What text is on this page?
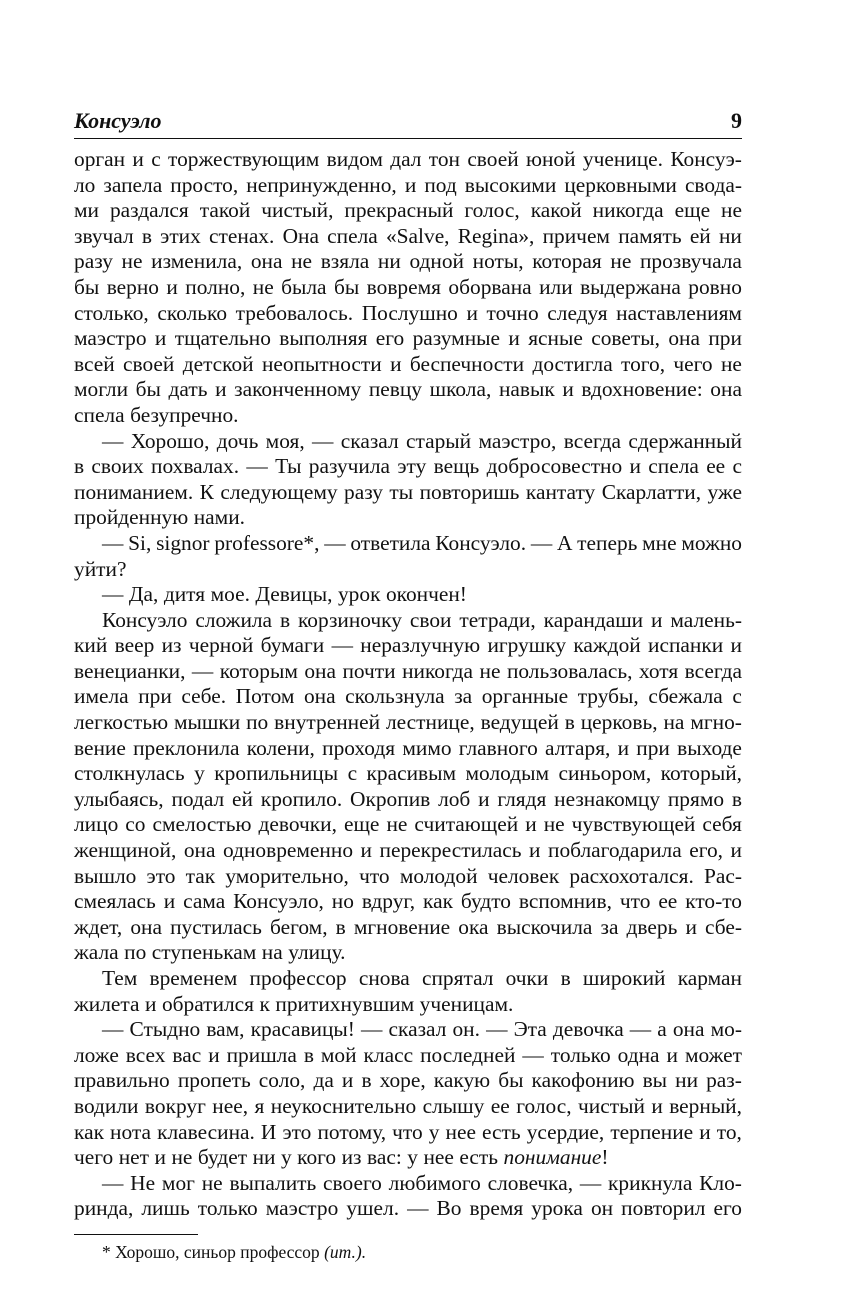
Консуэло	9
орган и с торжествующим видом дал тон своей юной ученице. Консуэ-
ло запела просто, непринужденно, и под высокими церковными свода-
ми раздался такой чистый, прекрасный голос, какой никогда еще не
звучал в этих стенах. Она спела «Salve, Regina», причем память ей ни
разу не изменила, она не взяла ни одной ноты, которая не прозвучала
бы верно и полно, не была бы вовремя оборвана или выдержана ровно
столько, сколько требовалось. Послушно и точно следуя наставлениям
маэстро и тщательно выполняя его разумные и ясные советы, она при
всей своей детской неопытности и беспечности достигла того, чего не
могли бы дать и законченному певцу школа, навык и вдохновение: она
спела безупречно.
— Хорошо, дочь моя, — сказал старый маэстро, всегда сдержанный
в своих похвалах. — Ты разучила эту вещь добросовестно и спела ее с
пониманием. К следующему разу ты повторишь кантату Скарлатти, уже
пройденную нами.
— Si, signor professore*, — ответила Консуэло. — А теперь мне можно
уйти?
— Да, дитя мое. Девицы, урок окончен!
Консуэло сложила в корзиночку свои тетради, карандаши и малень-
кий веер из черной бумаги — неразлучную игрушку каждой испанки и
венецианки, — которым она почти никогда не пользовалась, хотя всегда
имела при себе. Потом она скользнула за органные трубы, сбежала с
легкостью мышки по внутренней лестнице, ведущей в церковь, на мгно-
вение преклонила колени, проходя мимо главного алтаря, и при выходе
столкнулась у кропильницы с красивым молодым синьором, который,
улыбаясь, подал ей кропило. Окропив лоб и глядя незнакомцу прямо в
лицо со смелостью девочки, еще не считающей и не чувствующей себя
женщиной, она одновременно и перекрестилась и поблагодарила его, и
вышло это так уморительно, что молодой человек расхохотался. Рас-
смеялась и сама Консуэло, но вдруг, как будто вспомнив, что ее кто-то
ждет, она пустилась бегом, в мгновение ока выскочила за дверь и сбе-
жала по ступенькам на улицу.
Тем временем профессор снова спрятал очки в широкий карман
жилета и обратился к притихнувшим ученицам.
— Стыдно вам, красавицы! — сказал он. — Эта девочка — а она мо-
ложе всех вас и пришла в мой класс последней — только одна и может
правильно пропеть соло, да и в хоре, какую бы какофонию вы ни раз-
водили вокруг нее, я неукоснительно слышу ее голос, чистый и верный,
как нота клавесина. И это потому, что у нее есть усердие, терпение и то,
чего нет и не будет ни у кого из вас: у нее есть понимание!
— Не мог не выпалить своего любимого словечка, — крикнула Кло-
ринда, лишь только маэстро ушел. — Во время урока он повторил его
* Хорошо, синьор профессор (ит.).
